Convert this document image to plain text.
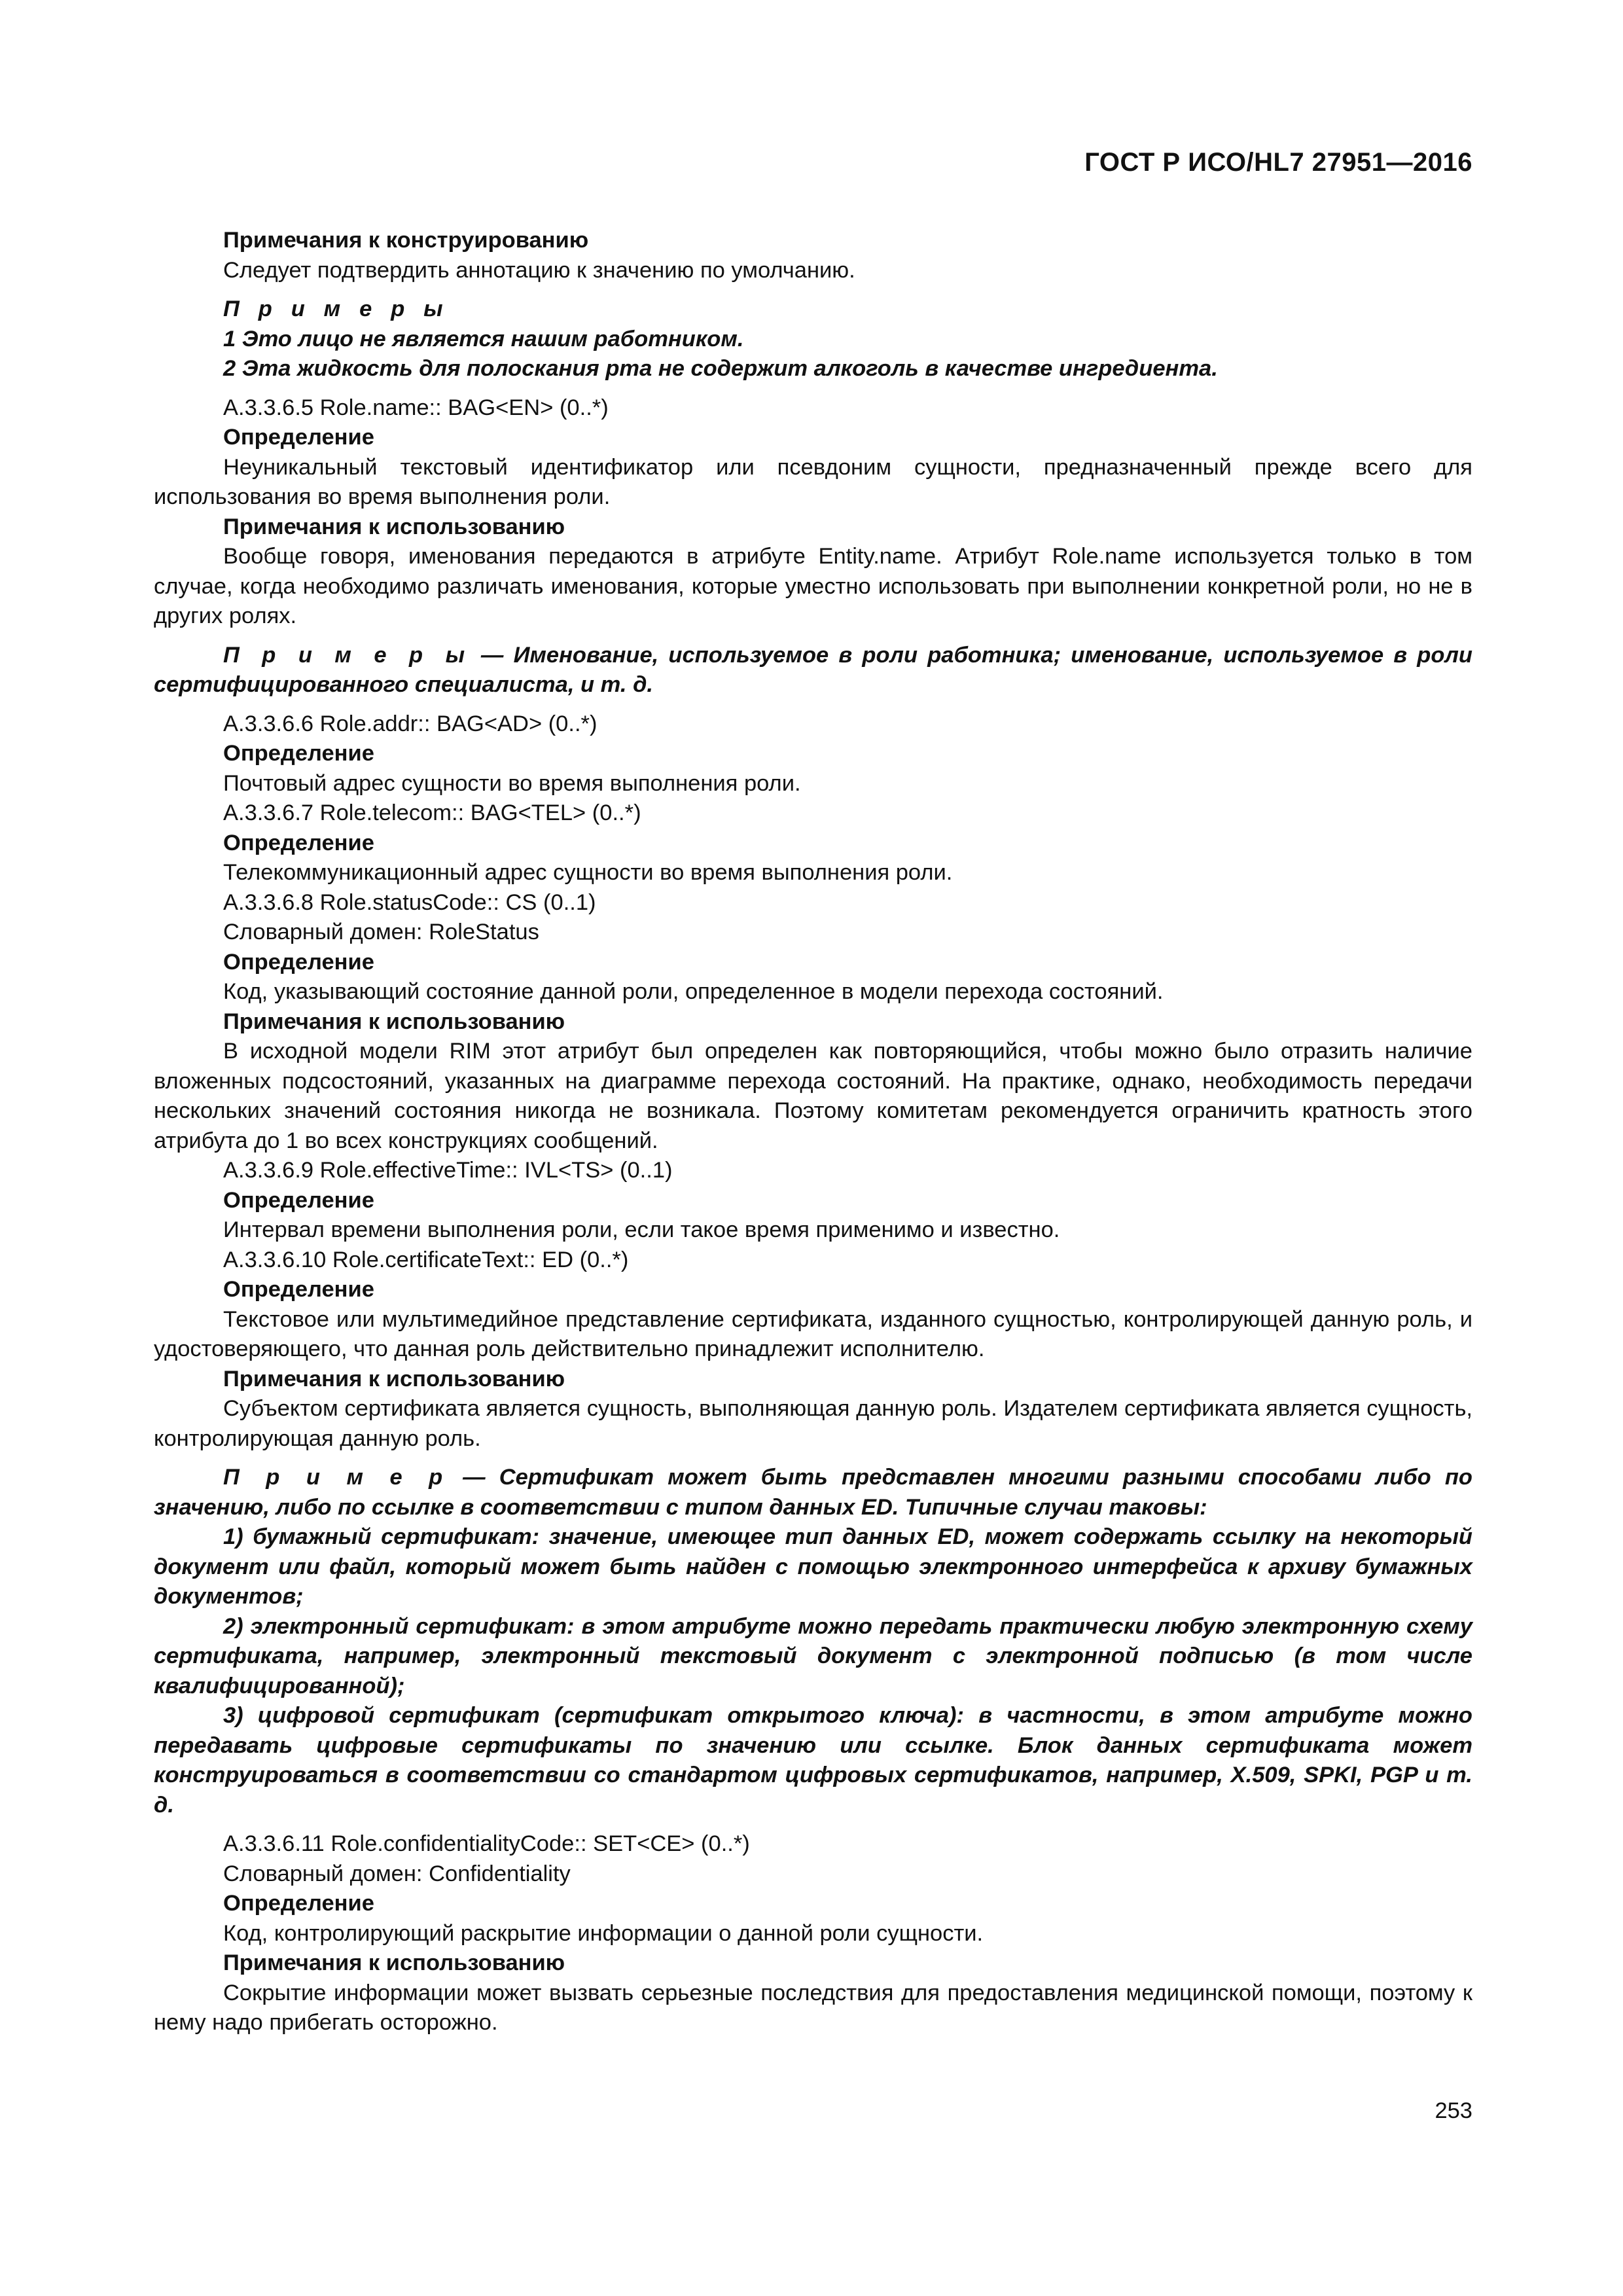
ГОСТ Р ИСО/HL7 27951—2016

Примечания к конструированию

Следует подтвердить аннотацию к значению по умолчанию.

П р и м е р ы

1 Это лицо не является нашим работником.

2 Эта жидкость для полоскания рта не содержит алкоголь в качестве ингредиента.

A.3.3.6.5 Role.name:: BAG<EN> (0..*)

Определение

Неуникальный текстовый идентификатор или псевдоним сущности, предназначенный прежде всего для использования во время выполнения роли.

Примечания к использованию

Вообще говоря, именования передаются в атрибуте Entity.name. Атрибут Role.name используется только в том случае, когда необходимо различать именования, которые уместно использовать при выполнении конкретной роли, но не в других ролях.

П р и м е р ы — Именование, используемое в роли работника; именование, используемое в роли сертифицированного специалиста, и т. д.

A.3.3.6.6 Role.addr:: BAG<AD> (0..*)

Определение

Почтовый адрес сущности во время выполнения роли.

A.3.3.6.7 Role.telecom:: BAG<TEL> (0..*)

Определение

Телекоммуникационный адрес сущности во время выполнения роли.

A.3.3.6.8 Role.statusCode:: CS (0..1)

Словарный домен: RoleStatus

Определение

Код, указывающий состояние данной роли, определенное в модели перехода состояний.

Примечания к использованию

В исходной модели RIM этот атрибут был определен как повторяющийся, чтобы можно было отразить наличие вложенных подсостояний, указанных на диаграмме перехода состояний. На практике, однако, необходимость передачи нескольких значений состояния никогда не возникала. Поэтому комитетам рекомендуется ограничить кратность этого атрибута до 1 во всех конструкциях сообщений.

A.3.3.6.9 Role.effectiveTime:: IVL<TS> (0..1)

Определение

Интервал времени выполнения роли, если такое время применимо и известно.

A.3.3.6.10 Role.certificateText:: ED (0..*)

Определение

Текстовое или мультимедийное представление сертификата, изданного сущностью, контролирующей данную роль, и удостоверяющего, что данная роль действительно принадлежит исполнителю.

Примечания к использованию

Субъектом сертификата является сущность, выполняющая данную роль. Издателем сертификата является сущность, контролирующая данную роль.

П р и м е р — Сертификат может быть представлен многими разными способами либо по значению, либо по ссылке в соответствии с типом данных ED. Типичные случаи таковы:

1) бумажный сертификат: значение, имеющее тип данных ED, может содержать ссылку на некоторый документ или файл, который может быть найден с помощью электронного интерфейса к архиву бумажных документов;

2) электронный сертификат: в этом атрибуте можно передать практически любую электронную схему сертификата, например, электронный текстовый документ с электронной подписью (в том числе квалифицированной);

3) цифровой сертификат (сертификат открытого ключа): в частности, в этом атрибуте можно передавать цифровые сертификаты по значению или ссылке. Блок данных сертификата может конструироваться в соответствии со стандартом цифровых сертификатов, например, X.509, SPKI, PGP и т. д.

A.3.3.6.11 Role.confidentialityCode:: SET<CE> (0..*)

Словарный домен: Confidentiality

Определение

Код, контролирующий раскрытие информации о данной роли сущности.

Примечания к использованию

Сокрытие информации может вызвать серьезные последствия для предоставления медицинской помощи, поэтому к нему надо прибегать осторожно.

253
